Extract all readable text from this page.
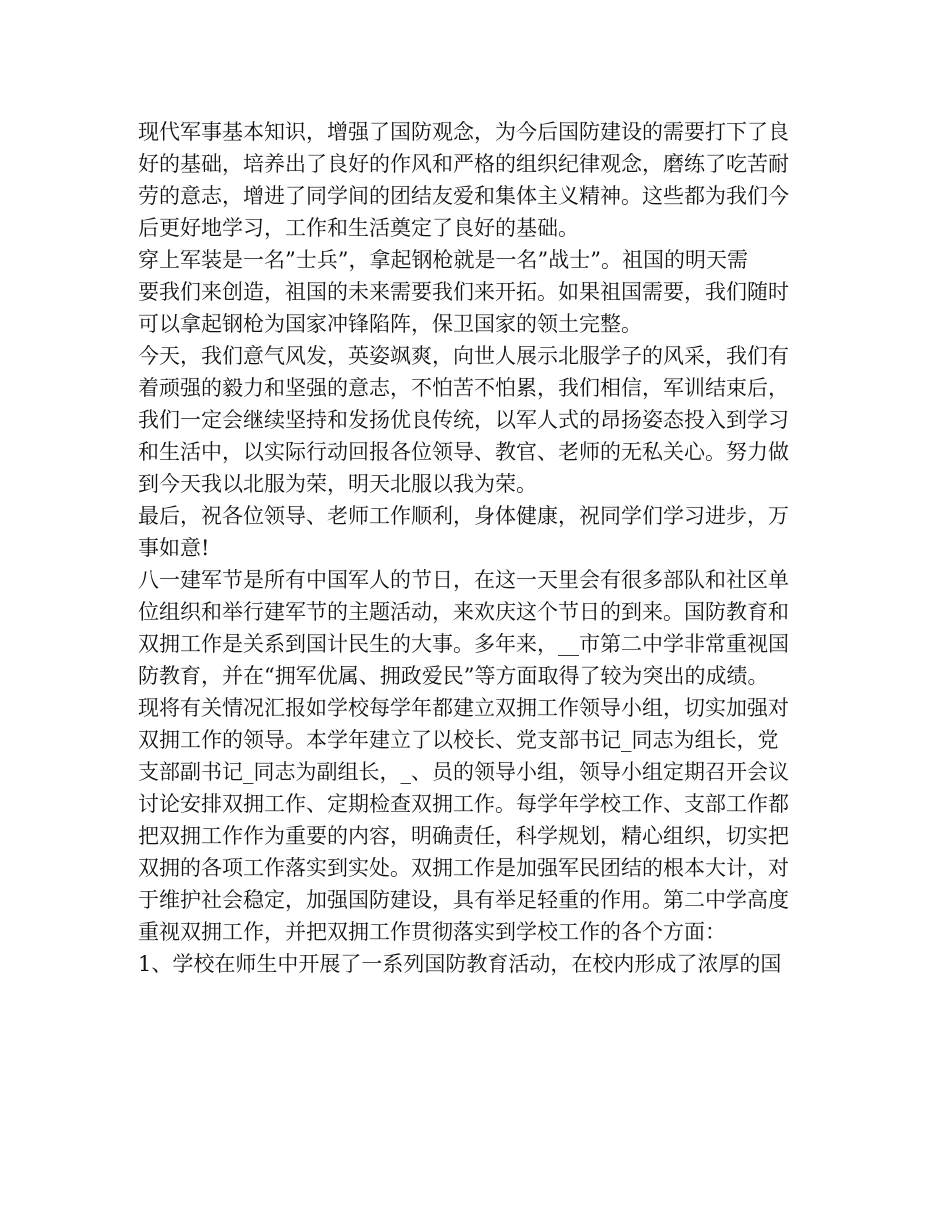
现代军事基本知识，增强了国防观念，为今后国防建设的需要打下了良
好的基础，培养出了良好的作风和严格的组织纪律观念，磨练了吃苦耐
劳的意志，增进了同学间的团结友爱和集体主义精神。这些都为我们今
后更好地学习，工作和生活奠定了良好的基础。
穿上军装是一名”士兵”，拿起钢枪就是一名”战士”。祖国的明天需
要我们来创造，祖国的未来需要我们来开拓。如果祖国需要，我们随时
可以拿起钢枪为国家冲锋陷阵，保卫国家的领土完整。
今天，我们意气风发，英姿飒爽，向世人展示北服学子的风采，我们有
着顽强的毅力和坚强的意志，不怕苦不怕累，我们相信，军训结束后，
我们一定会继续坚持和发扬优良传统，以军人式的昂扬姿态投入到学习
和生活中，以实际行动回报各位领导、教官、老师的无私关心。努力做
到今天我以北服为荣，明天北服以我为荣。
最后，祝各位领导、老师工作顺利，身体健康，祝同学们学习进步，万
事如意!
八一建军节是所有中国军人的节日，在这一天里会有很多部队和社区单
位组织和举行建军节的主题活动，来欢庆这个节日的到来。国防教育和
双拥工作是关系到国计民生的大事。多年来，__市第二中学非常重视国
防教育，并在“拥军优属、拥政爱民”等方面取得了较为突出的成绩。
现将有关情况汇报如学校每学年都建立双拥工作领导小组，切实加强对
双拥工作的领导。本学年建立了以校长、党支部书记_同志为组长，党
支部副书记_同志为副组长，_、员的领导小组，领导小组定期召开会议
讨论安排双拥工作、定期检查双拥工作。每学年学校工作、支部工作都
把双拥工作作为重要的内容，明确责任，科学规划，精心组织，切实把
双拥的各项工作落实到实处。双拥工作是加强军民团结的根本大计，对
于维护社会稳定，加强国防建设，具有举足轻重的作用。第二中学高度
重视双拥工作，并把双拥工作贯彻落实到学校工作的各个方面：
1、学校在师生中开展了一系列国防教育活动，在校内形成了浓厚的国
